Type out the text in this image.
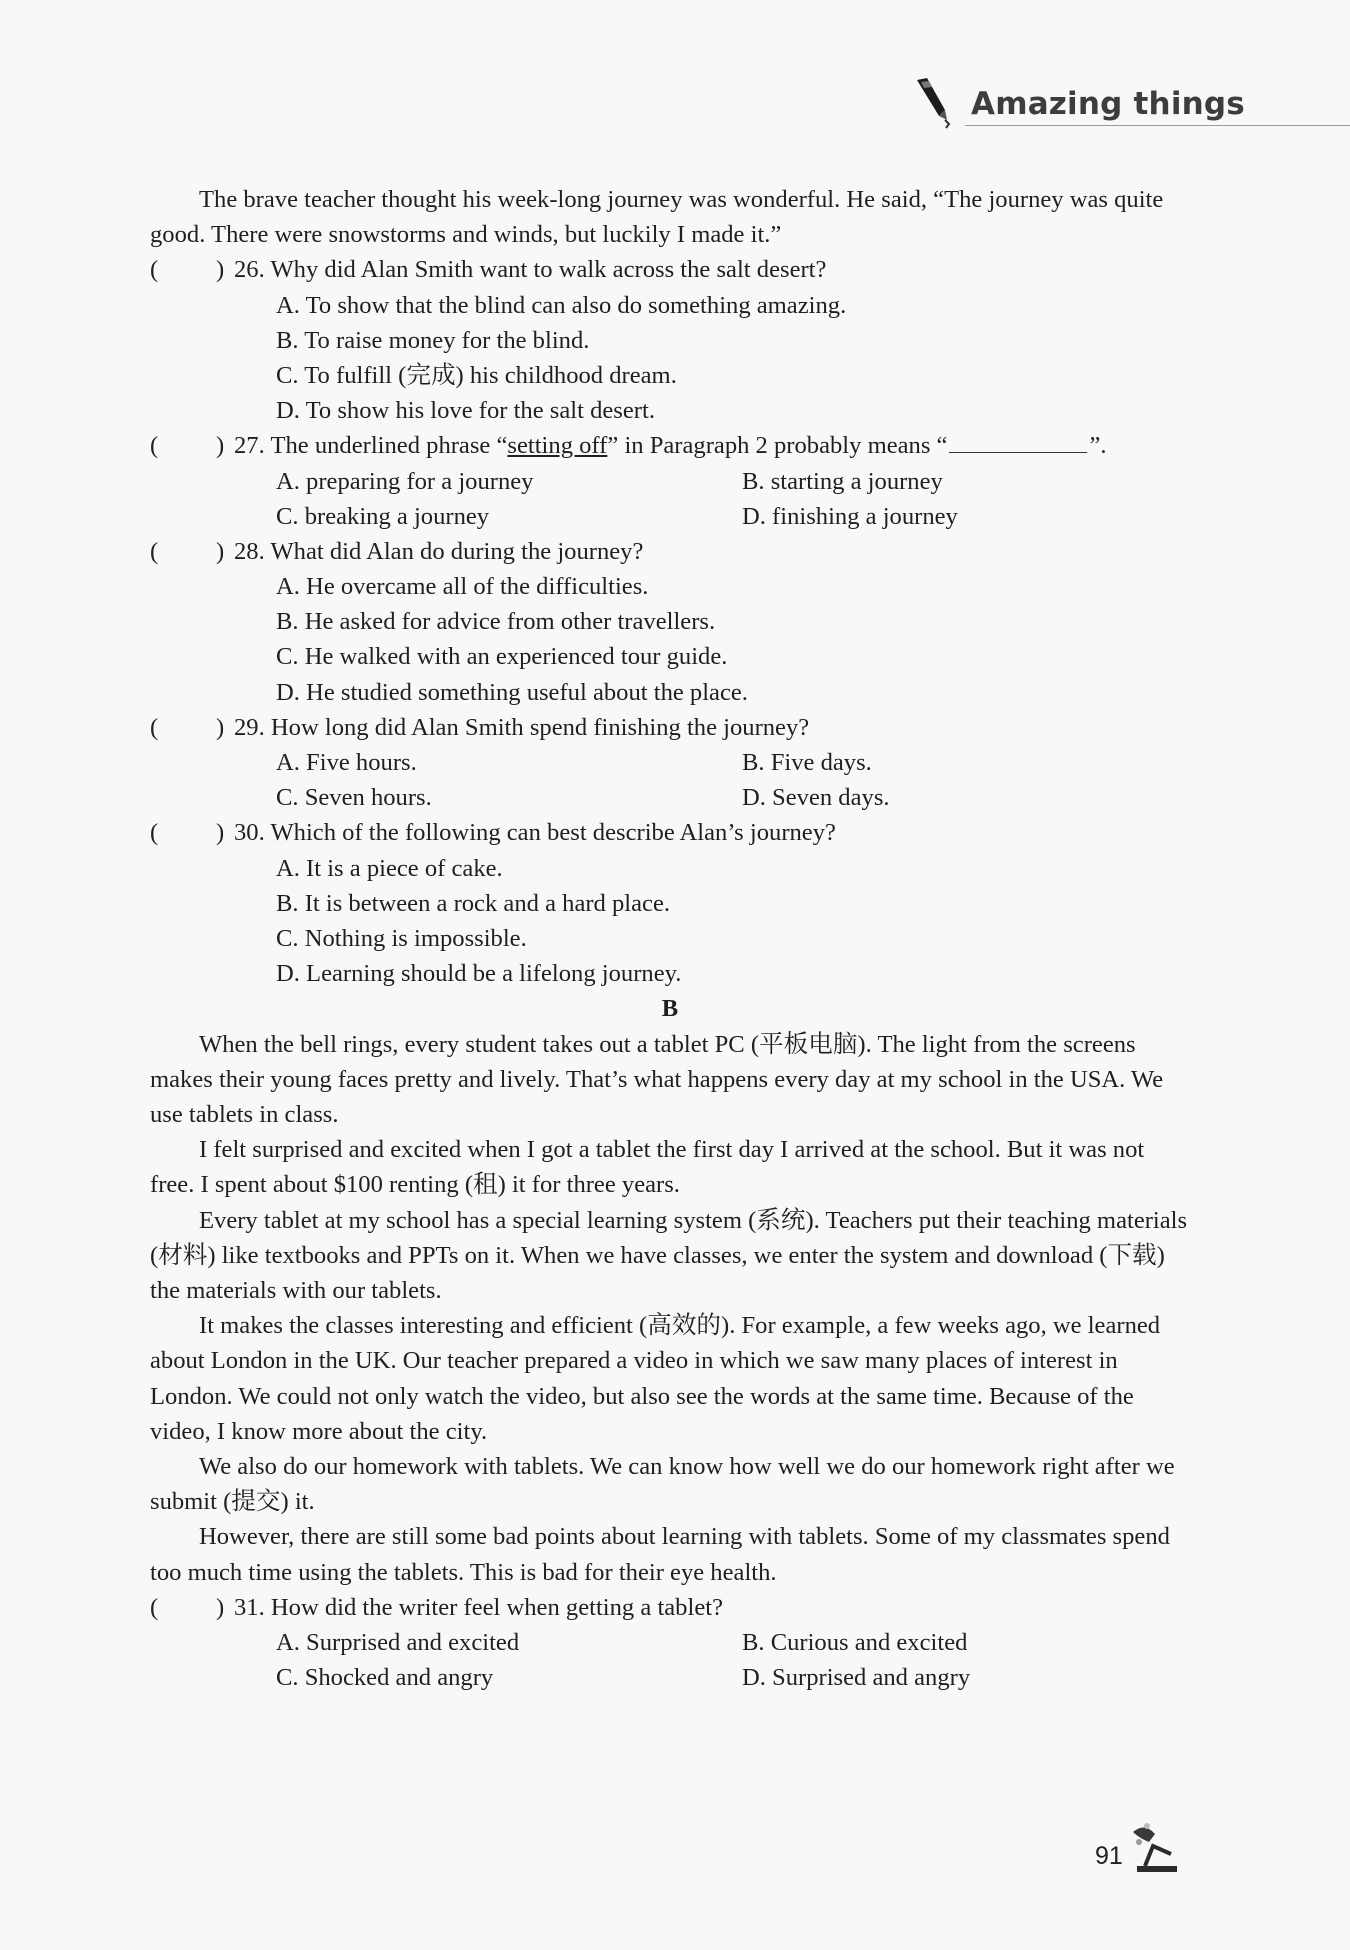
Amazing things

The brave teacher thought his week-long journey was wonderful. He said, “The journey was quite good. There were snowstorms and winds, but luckily I made it.”

( ) 26. Why did Alan Smith want to walk across the salt desert?
A. To show that the blind can also do something amazing.
B. To raise money for the blind.
C. To fulfill (完成) his childhood dream.
D. To show his love for the salt desert.
( ) 27. The underlined phrase “setting off” in Paragraph 2 probably means “	”.
A. preparing for a journey	B. starting a journey
C. breaking a journey	D. finishing a journey
( ) 28. What did Alan do during the journey?
A. He overcame all of the difficulties.
B. He asked for advice from other travellers.
C. He walked with an experienced tour guide.
D. He studied something useful about the place.
( ) 29. How long did Alan Smith spend finishing the journey?
A. Five hours.	B. Five days.
C. Seven hours.	D. Seven days.
( ) 30. Which of the following can best describe Alan’s journey?
A. It is a piece of cake.
B. It is between a rock and a hard place.
C. Nothing is impossible.
D. Learning should be a lifelong journey.
B

When the bell rings, every student takes out a tablet PC (平板电脑). The light from the screens makes their young faces pretty and lively. That’s what happens every day at my school in the USA. We use tablets in class.

I felt surprised and excited when I got a tablet the first day I arrived at the school. But it was not free. I spent about $100 renting (租) it for three years.

Every tablet at my school has a special learning system (系统). Teachers put their teaching materials (材料) like textbooks and PPTs on it. When we have classes, we enter the system and download (下载) the materials with our tablets.

It makes the classes interesting and efficient (高效的). For example, a few weeks ago, we learned about London in the UK. Our teacher prepared a video in which we saw many places of interest in London. We could not only watch the video, but also see the words at the same time. Because of the video, I know more about the city.

We also do our homework with tablets. We can know how well we do our homework right after we submit (提交) it.

However, there are still some bad points about learning with tablets. Some of my classmates spend too much time using the tablets. This is bad for their eye health.

( ) 31. How did the writer feel when getting a tablet?
A. Surprised and excited	B. Curious and excited
C. Shocked and angry	D. Surprised and angry
91
